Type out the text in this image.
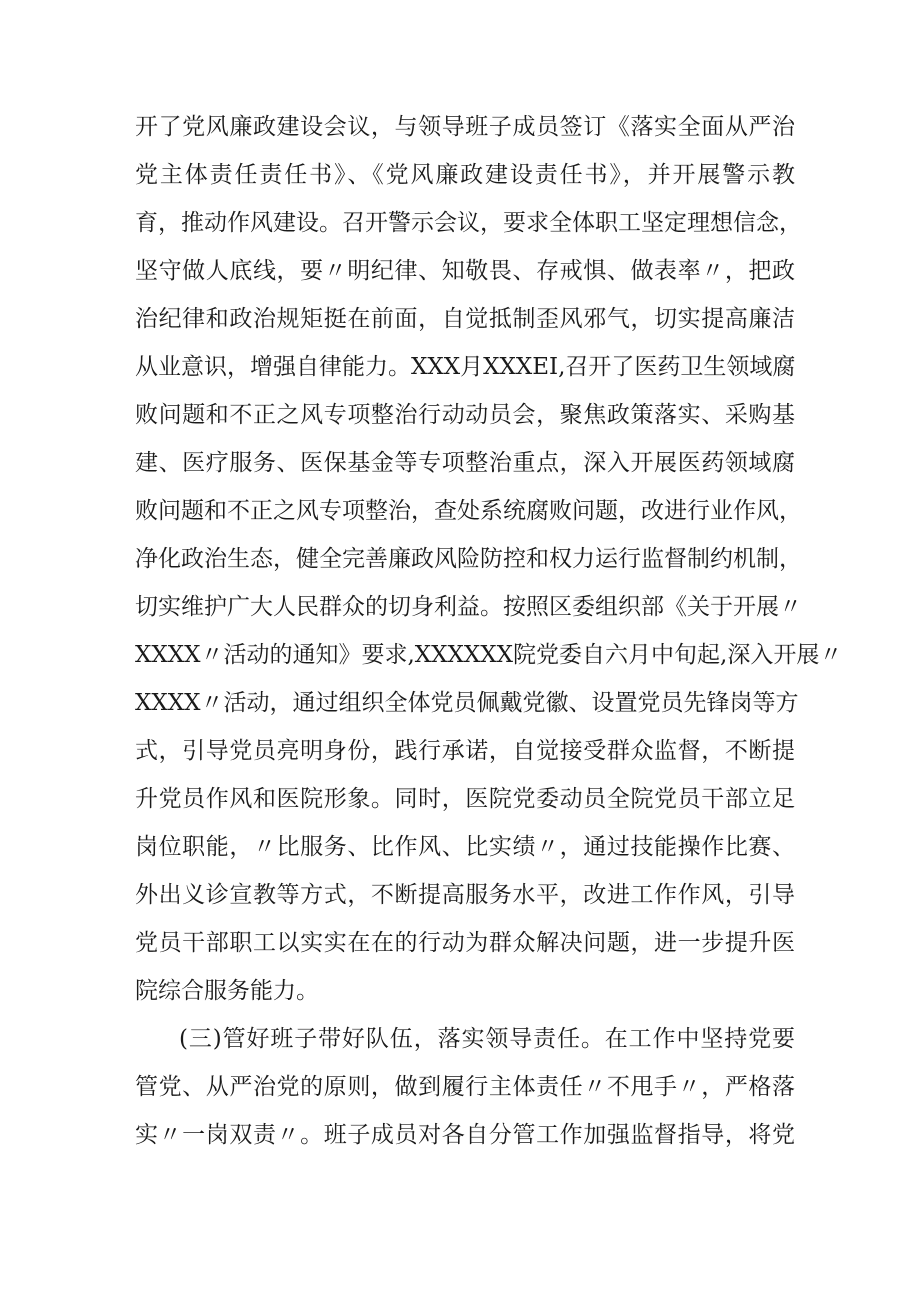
开了党风廉政建设会议，与领导班子成员签订《落实全面从严治
党主体责任责任书》、《党风廉政建设责任书》，并开展警示教
育，推动作风建设。召开警示会议，要求全体职工坚定理想信念，
坚守做人底线，要〃明纪律、知敬畏、存戒惧、做表率〃，把政
治纪律和政治规矩挺在前面，自觉抵制歪风邪气，切实提高廉洁
从业意识，增强自律能力。XXX月XXXEI,召开了医药卫生领域腐
败问题和不正之风专项整治行动动员会，聚焦政策落实、采购基
建、医疗服务、医保基金等专项整治重点，深入开展医药领域腐
败问题和不正之风专项整治，查处系统腐败问题，改进行业作风，
净化政治生态，健全完善廉政风险防控和权力运行监督制约机制，
切实维护广大人民群众的切身利益。按照区委组织部《关于开展〃
XXXX〃活动的通知》要求,XXXXXX院党委自六月中旬起,深入开展〃
XXXX〃活动，通过组织全体党员佩戴党徽、设置党员先锋岗等方
式，引导党员亮明身份，践行承诺，自觉接受群众监督，不断提
升党员作风和医院形象。同时，医院党委动员全院党员干部立足
岗位职能，〃比服务、比作风、比实绩〃，通过技能操作比赛、
外出义诊宣教等方式，不断提高服务水平，改进工作作风，引导
党员干部职工以实实在在的行动为群众解决问题，进一步提升医
院综合服务能力。
(三)管好班子带好队伍，落实领导责任。在工作中坚持党要
管党、从严治党的原则，做到履行主体责任〃不甩手〃，严格落
实〃一岗双责〃。班子成员对各自分管工作加强监督指导，将党
